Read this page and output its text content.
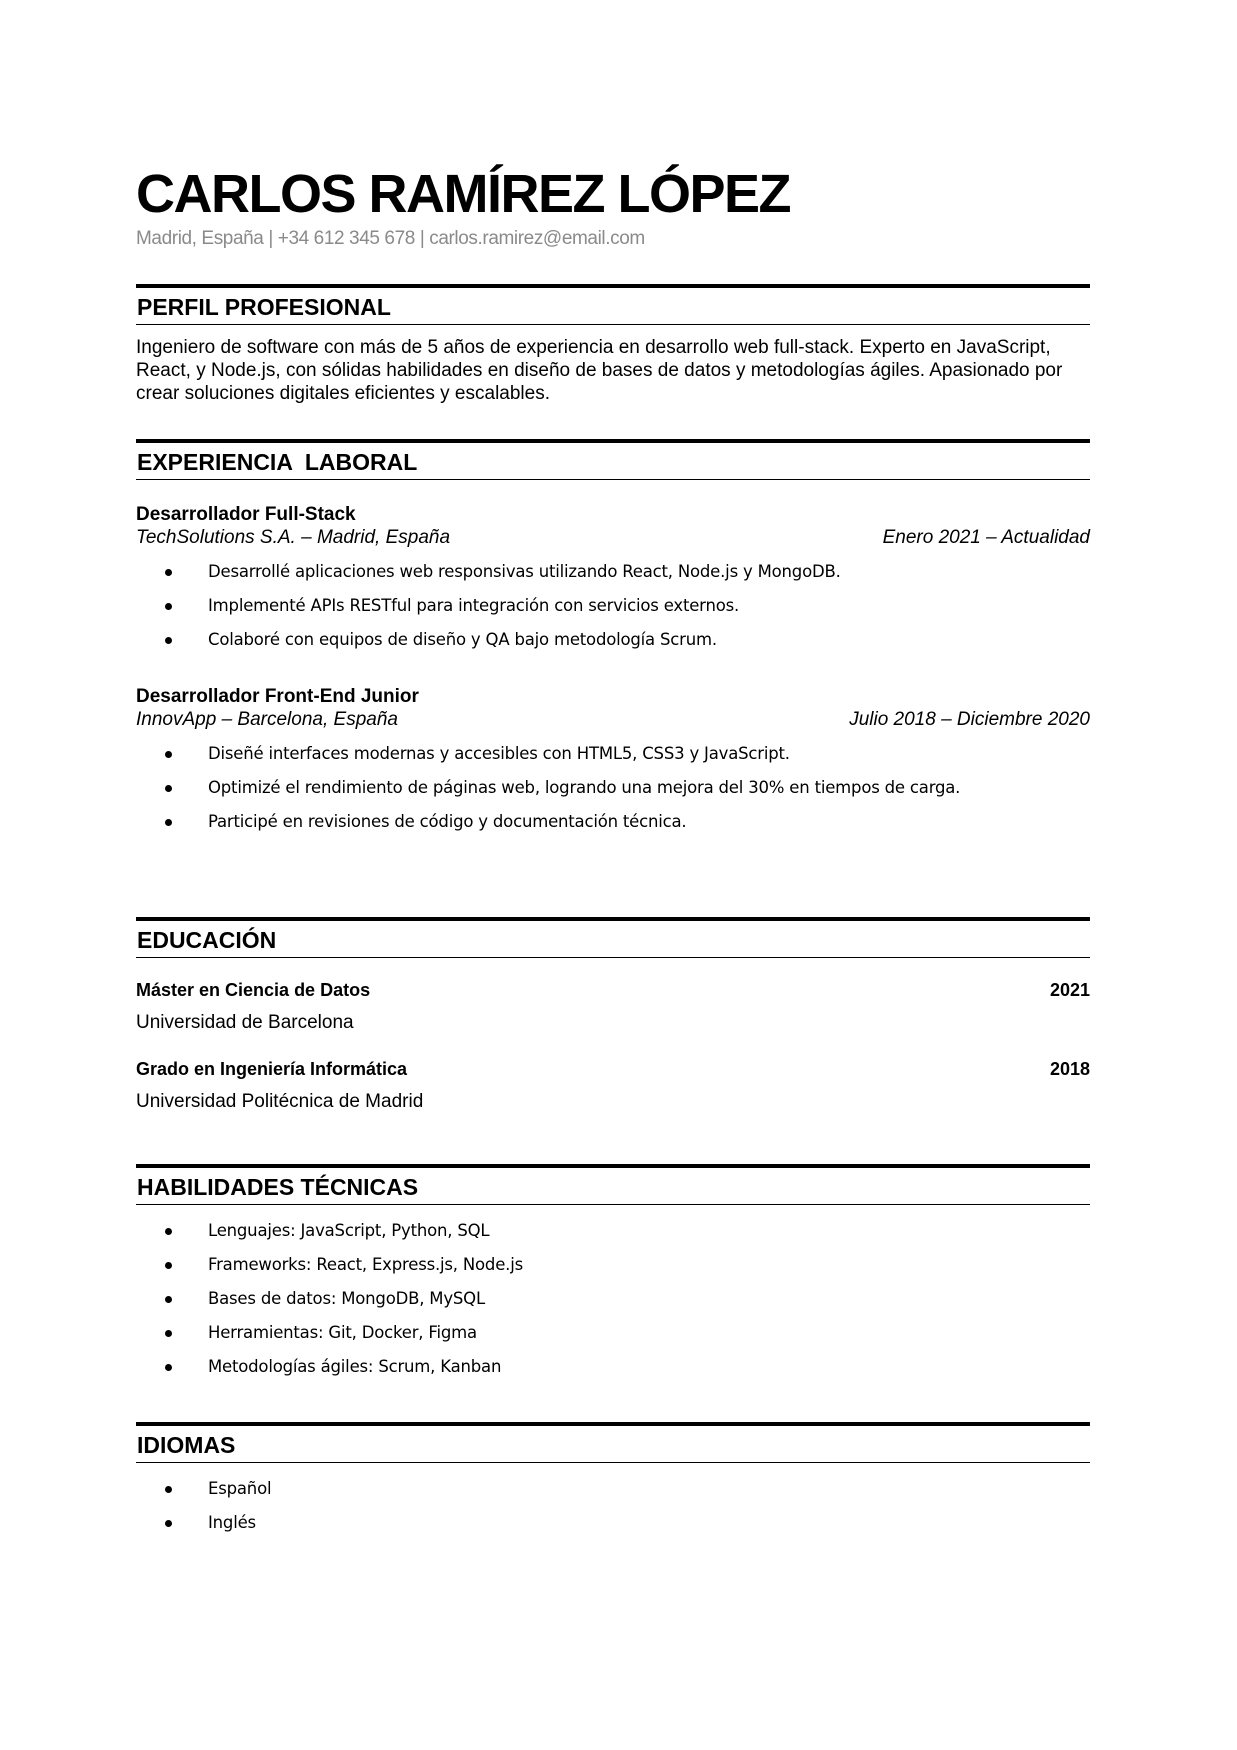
CARLOS RAMÍREZ LÓPEZ
Madrid, España | +34 612 345 678 | carlos.ramirez@email.com
PERFIL PROFESIONAL
Ingeniero de software con más de 5 años de experiencia en desarrollo web full-stack. Experto en JavaScript, React, y Node.js, con sólidas habilidades en diseño de bases de datos y metodologías ágiles. Apasionado por crear soluciones digitales eficientes y escalables.
EXPERIENCIA  LABORAL
Desarrollador Full-Stack
TechSolutions S.A. – Madrid, España	Enero 2021 – Actualidad
Desarrollé aplicaciones web responsivas utilizando React, Node.js y MongoDB.
Implementé APIs RESTful para integración con servicios externos.
Colaboré con equipos de diseño y QA bajo metodología Scrum.
Desarrollador Front-End Junior
InnovApp – Barcelona, España	Julio 2018 – Diciembre 2020
Diseñé interfaces modernas y accesibles con HTML5, CSS3 y JavaScript.
Optimizé el rendimiento de páginas web, logrando una mejora del 30% en tiempos de carga.
Participé en revisiones de código y documentación técnica.
EDUCACIÓN
Máster en Ciencia de Datos	2021
Universidad de Barcelona
Grado en Ingeniería Informática	2018
Universidad Politécnica de Madrid
HABILIDADES TÉCNICAS
Lenguajes: JavaScript, Python, SQL
Frameworks: React, Express.js, Node.js
Bases de datos: MongoDB, MySQL
Herramientas: Git, Docker, Figma
Metodologías ágiles: Scrum, Kanban
IDIOMAS
Español
Inglés
